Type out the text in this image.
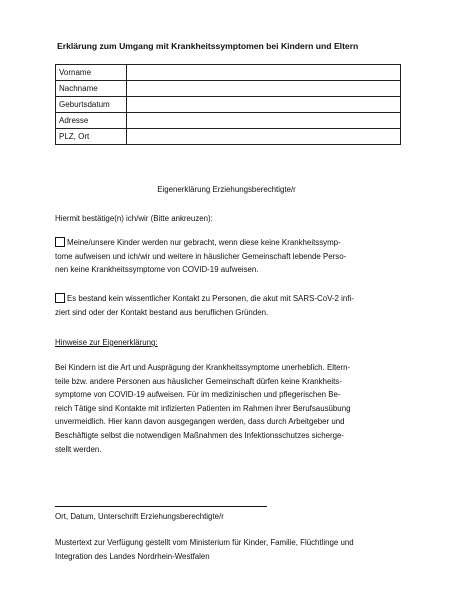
Erklärung zum Umgang mit Krankheitssymptomen bei Kindern und Eltern
Vorname	
Nachname	
Geburtsdatum	
Adresse	
PLZ, Ort	
Eigenerklärung Erziehungsberechtigte/r
Hiermit bestätige(n) ich/wir (Bitte ankreuzen):
Meine/unsere Kinder werden nur gebracht, wenn diese keine Krankheitssymp-
tome aufweisen und ich/wir und weitere in häuslicher Gemeinschaft lebende Perso-
nen keine Krankheitssymptome von COVID-19 aufweisen.
Es bestand kein wissentlicher Kontakt zu Personen, die akut mit SARS-CoV-2 infi-
ziert sind oder der Kontakt bestand aus beruflichen Gründen.
Hinweise zur Eigenerklärung:
Bei Kindern ist die Art und Ausprägung der Krankheitssymptome unerheblich. Eltern-
teile bzw. andere Personen aus häuslicher Gemeinschaft dürfen keine Krankheits-
symptome von COVID-19 aufweisen. Für im medizinischen und pflegerischen Be-
reich Tätige sind Kontakte mit infizierten Patienten im Rahmen ihrer Berufsausübung
unvermeidlich. Hier kann davon ausgegangen werden, dass durch Arbeitgeber und
Beschäftigte selbst die notwendigen Maßnahmen des Infektionsschutzes sicherge-
stellt werden.
Ort, Datum, Unterschrift Erziehungsberechtigte/r
Mustertext zur Verfügung gestellt vom Ministerium für Kinder, Familie, Flüchtlinge und
Integration des Landes Nordrhein-Westfalen
